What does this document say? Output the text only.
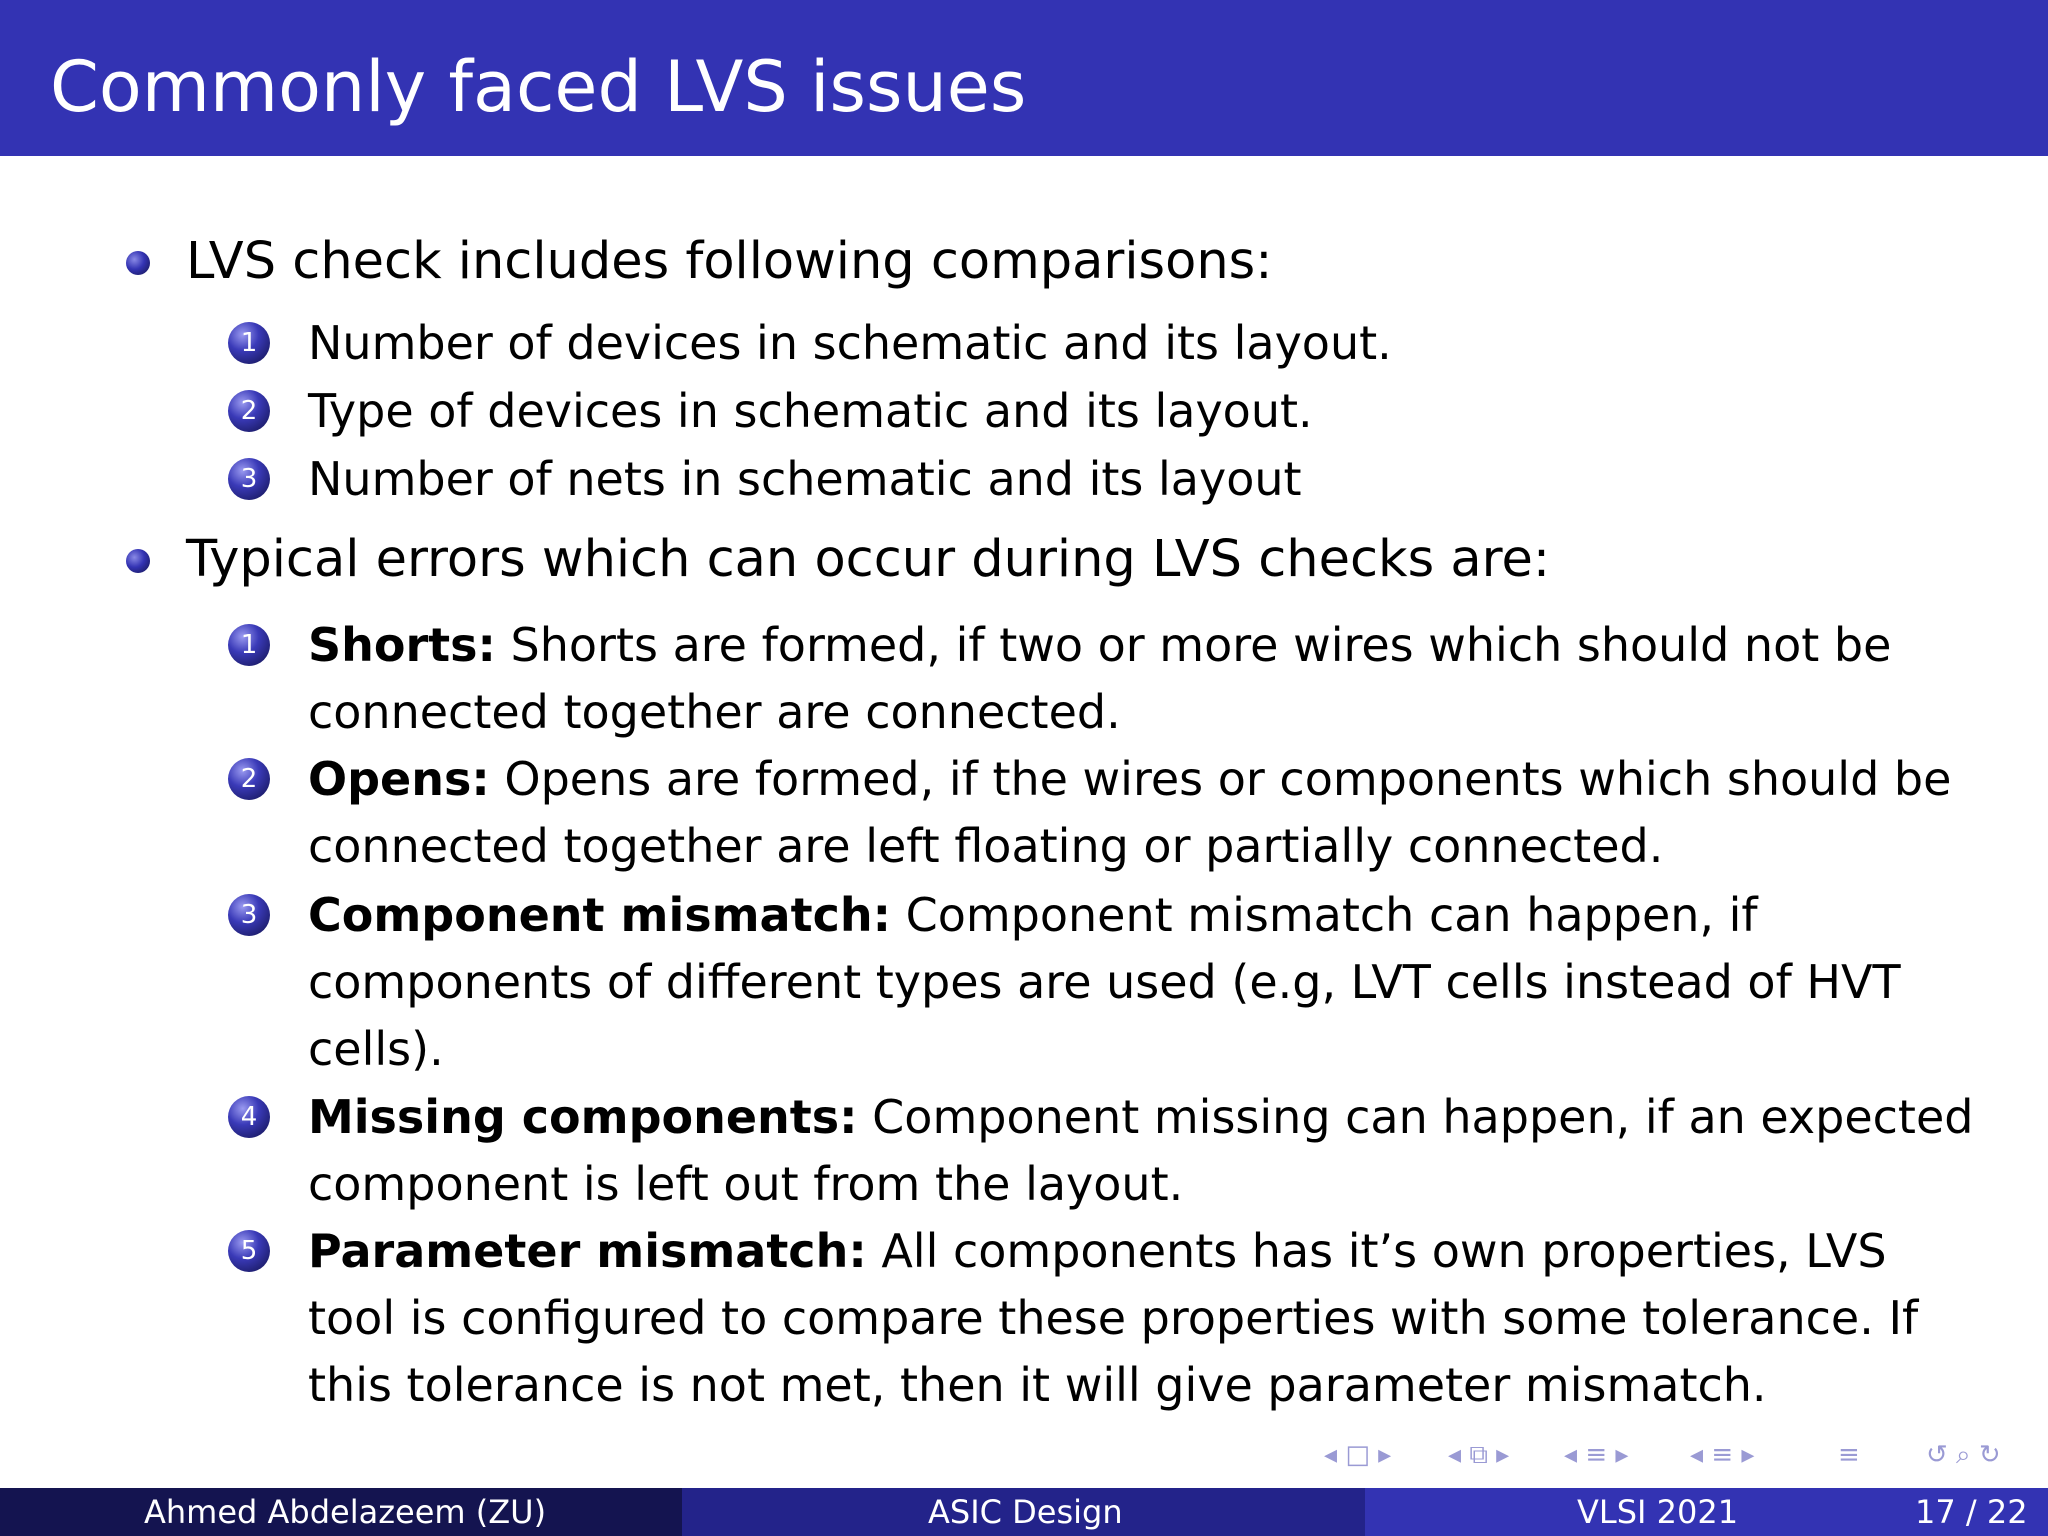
Commonly faced LVS issues
LVS check includes following comparisons:
1 Number of devices in schematic and its layout.
2 Type of devices in schematic and its layout.
3 Number of nets in schematic and its layout
Typical errors which can occur during LVS checks are:
1 Shorts: Shorts are formed, if two or more wires which should not be
connected together are connected.
2 Opens: Opens are formed, if the wires or components which should be
connected together are left floating or partially connected.
3 Component mismatch: Component mismatch can happen, if
components of different types are used (e.g, LVT cells instead of HVT
cells).
4 Missing components: Component missing can happen, if an expected
component is left out from the layout.
5 Parameter mismatch: All components has it’s own properties, LVS
tool is configured to compare these properties with some tolerance. If
this tolerance is not met, then it will give parameter mismatch.
◂ □ ▸ ◂ ⧉ ▸ ◂ ≡ ▸ ◂ ≡ ▸	≡	↺ ⌕ ↻
Ahmed Abdelazeem (ZU)	ASIC Design	VLSI 2021	17 / 22
